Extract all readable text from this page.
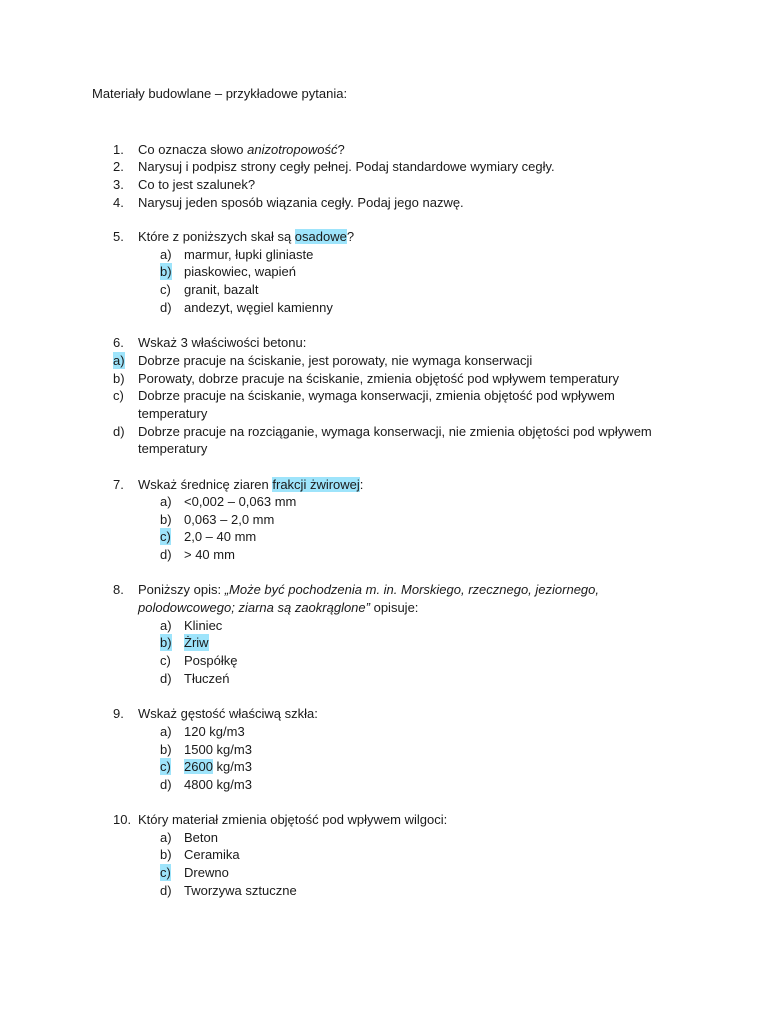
Materiały budowlane – przykładowe pytania:
1. Co oznacza słowo anizotropowość?
2. Narysuj i podpisz strony cegły pełnej. Podaj standardowe wymiary cegły.
3. Co to jest szalunek?
4. Narysuj jeden sposób wiązania cegły. Podaj jego nazwę.
5. Które z poniższych skał są osadowe?
a) marmur, łupki gliniaste
b) piaskowiec, wapień
c) granit, bazalt
d) andezyt, węgiel kamienny
6. Wskaż 3 właściwości betonu:
a) Dobrze pracuje na ściskanie, jest porowaty, nie wymaga konserwacji
b) Porowaty, dobrze pracuje na ściskanie, zmienia objętość pod wpływem temperatury
c) Dobrze pracuje na ściskanie, wymaga konserwacji, zmienia objętość pod wpływem
temperatury
d) Dobrze pracuje na rozciąganie, wymaga konserwacji, nie zmienia objętości pod wpływem
temperatury
7. Wskaż średnicę ziaren frakcji żwirowej:
a) <0,002 – 0,063 mm
b) 0,063 – 2,0 mm
c) 2,0 – 40 mm
d) > 40 mm
8. Poniższy opis: „Może być pochodzenia m. in. Morskiego, rzecznego, jeziornego,
polodowcowego; ziarna są zaokrąglone” opisuje:
a) Kliniec
b) Żriw
c) Pospółkę
d) Tłuczeń
9. Wskaż gęstość właściwą szkła:
a) 120 kg/m3
b) 1500 kg/m3
c) 2600 kg/m3
d) 4800 kg/m3
10. Który materiał zmienia objętość pod wpływem wilgoci:
a) Beton
b) Ceramika
c) Drewno
d) Tworzywa sztuczne
